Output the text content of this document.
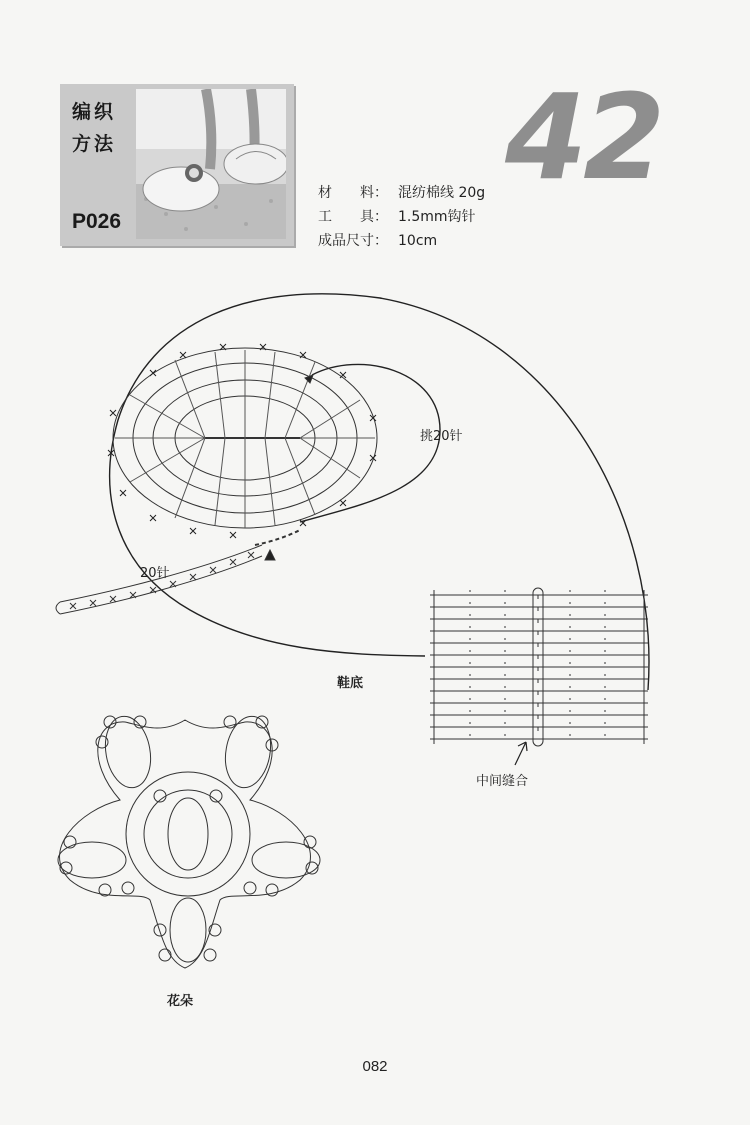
编织
方法
P026
42
材　　料： 混纺棉线 20g
工　　具： 1.5mm钩针
成品尺寸： 10cm
挑20针
20针
鞋底
中间缝合
花朵
082
